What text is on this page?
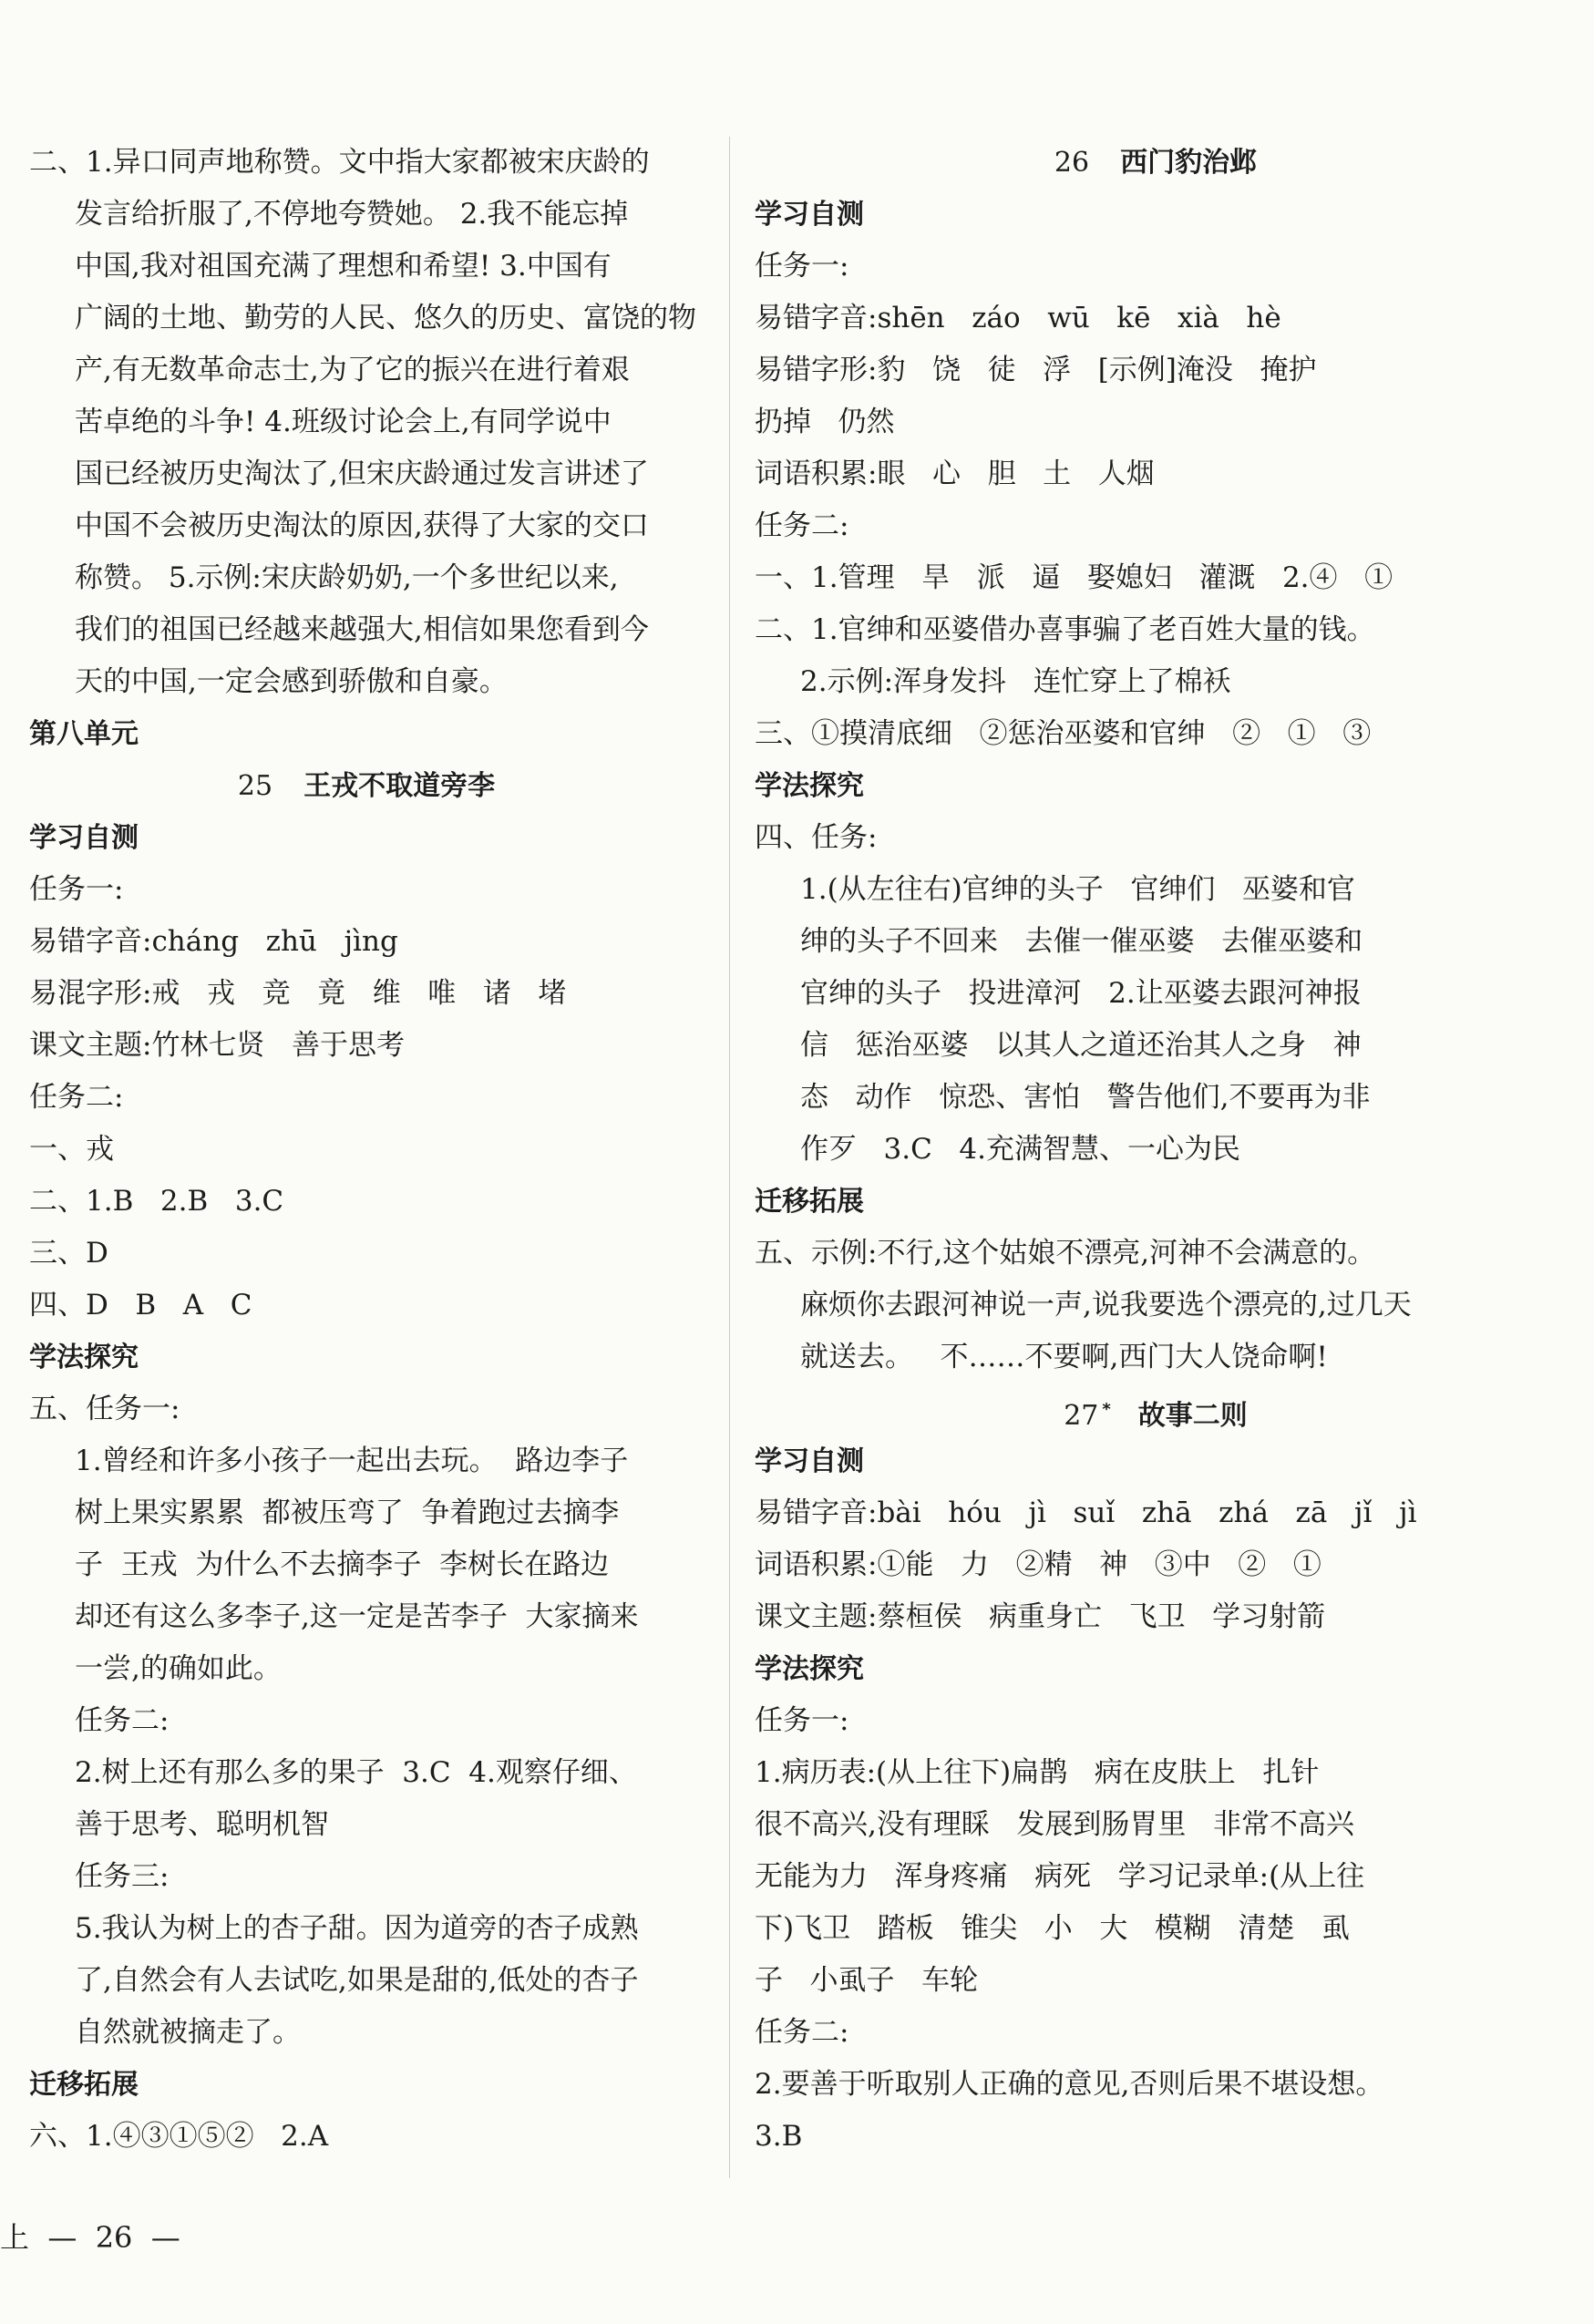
二、1.异口同声地称赞。文中指大家都被宋庆龄的
发言给折服了,不停地夸赞她。 2.我不能忘掉
中国,我对祖国充满了理想和希望! 3.中国有
广阔的土地、勤劳的人民、悠久的历史、富饶的物
产,有无数革命志士,为了它的振兴在进行着艰
苦卓绝的斗争! 4.班级讨论会上,有同学说中
国已经被历史淘汰了,但宋庆龄通过发言讲述了
中国不会被历史淘汰的原因,获得了大家的交口
称赞。 5.示例:宋庆龄奶奶,一个多世纪以来,
我们的祖国已经越来越强大,相信如果您看到今
天的中国,一定会感到骄傲和自豪。
第八单元
25 王戎不取道旁李
学习自测
任务一:
易错字音:cháng   zhū   jìng
易混字形:戒   戎   竞   竟   维   唯   诸   堵
课文主题:竹林七贤   善于思考
任务二:
一、戎
二、1.B   2.B   3.C
三、D
四、D   B   A   C
学法探究
五、任务一:
1.曾经和许多小孩子一起出去玩。  路边李子
树上果实累累  都被压弯了  争着跑过去摘李
子  王戎  为什么不去摘李子  李树长在路边
却还有这么多李子,这一定是苦李子  大家摘来
一尝,的确如此。
任务二:
2.树上还有那么多的果子  3.C  4.观察仔细、
善于思考、聪明机智
任务三:
5.我认为树上的杏子甜。因为道旁的杏子成熟
了,自然会有人去试吃,如果是甜的,低处的杏子
自然就被摘走了。
迁移拓展
六、1.④③①⑤②   2.A
26 西门豹治邺
学习自测
任务一:
易错字音:shēn   záo   wū   kē   xià   hè
易错字形:豹   饶   徒   浮   [示例]淹没   掩护
扔掉   仍然
词语积累:眼   心   胆   土   人烟
任务二:
一、1.管理   旱   派   逼   娶媳妇   灌溉   2.④   ①
二、1.官绅和巫婆借办喜事骗了老百姓大量的钱。
2.示例:浑身发抖   连忙穿上了棉袄
三、①摸清底细   ②惩治巫婆和官绅   ②   ①   ③
学法探究
四、任务:
1.(从左往右)官绅的头子   官绅们   巫婆和官
绅的头子不回来   去催一催巫婆   去催巫婆和
官绅的头子   投进漳河   2.让巫婆去跟河神报
信   惩治巫婆   以其人之道还治其人之身   神
态   动作   惊恐、害怕   警告他们,不要再为非
作歹   3.C   4.充满智慧、一心为民
迁移拓展
五、示例:不行,这个姑娘不漂亮,河神不会满意的。
麻烦你去跟河神说一声,说我要选个漂亮的,过几天
就送去。   不……不要啊,西门大人饶命啊!
27 * 故事二则
学习自测
易错字音:bài   hóu   jì   suǐ   zhā   zhá   zā   jǐ   jì
词语积累:①能   力   ②精   神   ③中   ②   ①
课文主题:蔡桓侯   病重身亡   飞卫   学习射箭
学法探究
任务一:
1.病历表:(从上往下)扁鹊   病在皮肤上   扎针
很不高兴,没有理睬   发展到肠胃里   非常不高兴
无能为力   浑身疼痛   病死   学习记录单:(从上往
下)飞卫   踏板   锥尖   小   大   模糊   清楚   虱
子   小虱子   车轮
任务二:
2.要善于听取别人正确的意见,否则后果不堪设想。
3.B
上  —  26  —
